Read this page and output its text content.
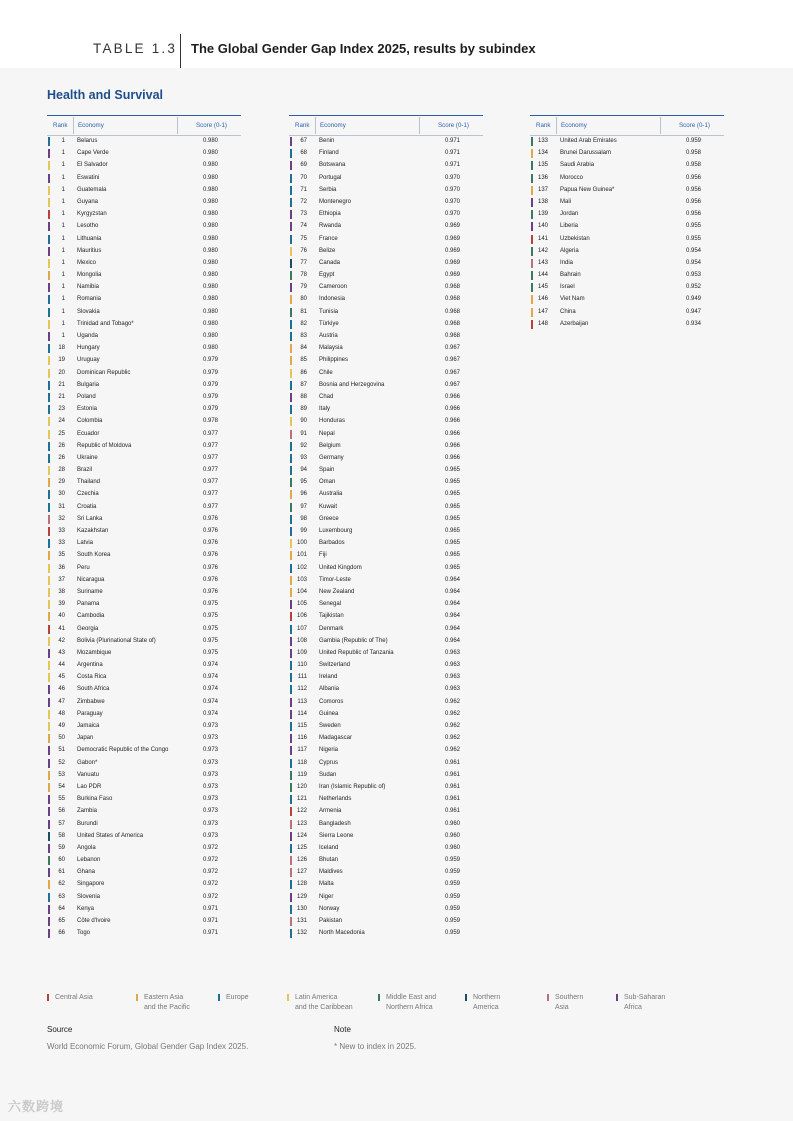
TABLE 1.3 The Global Gender Gap Index 2025, results by subindex
Health and Survival
Rank Economy	Score (0-1)
1 Belarus	0.980
1 Cape Verde	0.980
1 El Salvador	0.980
1 Eswatini	0.980
1 Guatemala	0.980
1 Guyana	0.980
1 Kyrgyzstan	0.980
1 Lesotho	0.980
1 Lithuania	0.980
1 Mauritius	0.980
1 Mexico	0.980
1 Mongolia	0.980
1 Namibia	0.980
1 Romania	0.980
1 Slovakia	0.980
1 Trinidad and Tobago*	0.980
1 Uganda	0.980
18 Hungary	0.980
19 Uruguay	0.979
20 Dominican Republic	0.979
21 Bulgaria	0.979
21 Poland	0.979
23 Estonia	0.979
24 Colombia	0.978
25 Ecuador	0.977
26 Republic of Moldova	0.977
26 Ukraine	0.977
28 Brazil	0.977
29 Thailand	0.977
30 Czechia	0.977
31 Croatia	0.977
32 Sri Lanka	0.976
33 Kazakhstan	0.976
33 Latvia	0.976
35 South Korea	0.976
36 Peru	0.976
37 Nicaragua	0.976
38 Suriname	0.976
39 Panama	0.975
40 Cambodia	0.975
41 Georgia	0.975
42 Bolivia (Plurinational State of)	0.975
43 Mozambique	0.975
44 Argentina	0.974
45 Costa Rica	0.974
46 South Africa	0.974
47 Zimbabwe	0.974
48 Paraguay	0.974
49 Jamaica	0.973
50 Japan	0.973
51 Democratic Republic of the Congo	0.973
52 Gabon*	0.973
53 Vanuatu	0.973
54 Lao PDR	0.973
55 Burkina Faso	0.973
56 Zambia	0.973
57 Burundi	0.973
58 United States of America	0.973
59 Angola	0.972
60 Lebanon	0.972
61 Ghana	0.972
62 Singapore	0.972
63 Slovenia	0.972
64 Kenya	0.971
65 Côte d'Ivoire	0.971
66 Togo	0.971
Rank Economy	Score (0-1)
67 Benin	0.971
68 Finland	0.971
69 Botswana	0.971
70 Portugal	0.970
71 Serbia	0.970
72 Montenegro	0.970
73 Ethiopia	0.970
74 Rwanda	0.969
75 France	0.969
76 Belize	0.969
77 Canada	0.969
78 Egypt	0.969
79 Cameroon	0.968
80 Indonesia	0.968
81 Tunisia	0.968
82 Türkiye	0.968
83 Austria	0.968
84 Malaysia	0.967
85 Philippines	0.967
86 Chile	0.967
87 Bosnia and Herzegovina	0.967
88 Chad	0.966
89 Italy	0.966
90 Honduras	0.966
91 Nepal	0.966
92 Belgium	0.966
93 Germany	0.966
94 Spain	0.965
95 Oman	0.965
96 Australia	0.965
97 Kuwait	0.965
98 Greece	0.965
99 Luxembourg	0.965
100 Barbados	0.965
101 Fiji	0.965
102 United Kingdom	0.965
103 Timor-Leste	0.964
104 New Zealand	0.964
105 Senegal	0.964
106 Tajikistan	0.964
107 Denmark	0.964
108 Gambia (Republic of The)	0.964
109 United Republic of Tanzania	0.963
110 Switzerland	0.963
111 Ireland	0.963
112 Albania	0.963
113 Comoros	0.962
114 Guinea	0.962
115 Sweden	0.962
116 Madagascar	0.962
117 Nigeria	0.962
118 Cyprus	0.961
119 Sudan	0.961
120 Iran (Islamic Republic of)	0.961
121 Netherlands	0.961
122 Armenia	0.961
123 Bangladesh	0.960
124 Sierra Leone	0.960
125 Iceland	0.960
126 Bhutan	0.959
127 Maldives	0.959
128 Malta	0.959
129 Niger	0.959
130 Norway	0.959
131 Pakistan	0.959
132 North Macedonia	0.959
Rank Economy	Score (0-1)
133 United Arab Emirates	0.959
134 Brunei Darussalam	0.958
135 Saudi Arabia	0.958
136 Morocco	0.956
137 Papua New Guinea*	0.956
138 Mali	0.956
139 Jordan	0.956
140 Liberia	0.955
141 Uzbekistan	0.955
142 Algeria	0.954
143 India	0.954
144 Bahrain	0.953
145 Israel	0.952
146 Viet Nam	0.949
147 China	0.947
148 Azerbaijan	0.934
Central Asia	Eastern Asia
and the Pacific
Europe	Latin America
and the Caribbean
Middle East and
Northern Africa
Northern
America
Southern
Asia
Sub-Saharan
Africa
Source
World Economic Forum, Global Gender Gap Index 2025.
Note
* New to index in 2025.
六数跨境
